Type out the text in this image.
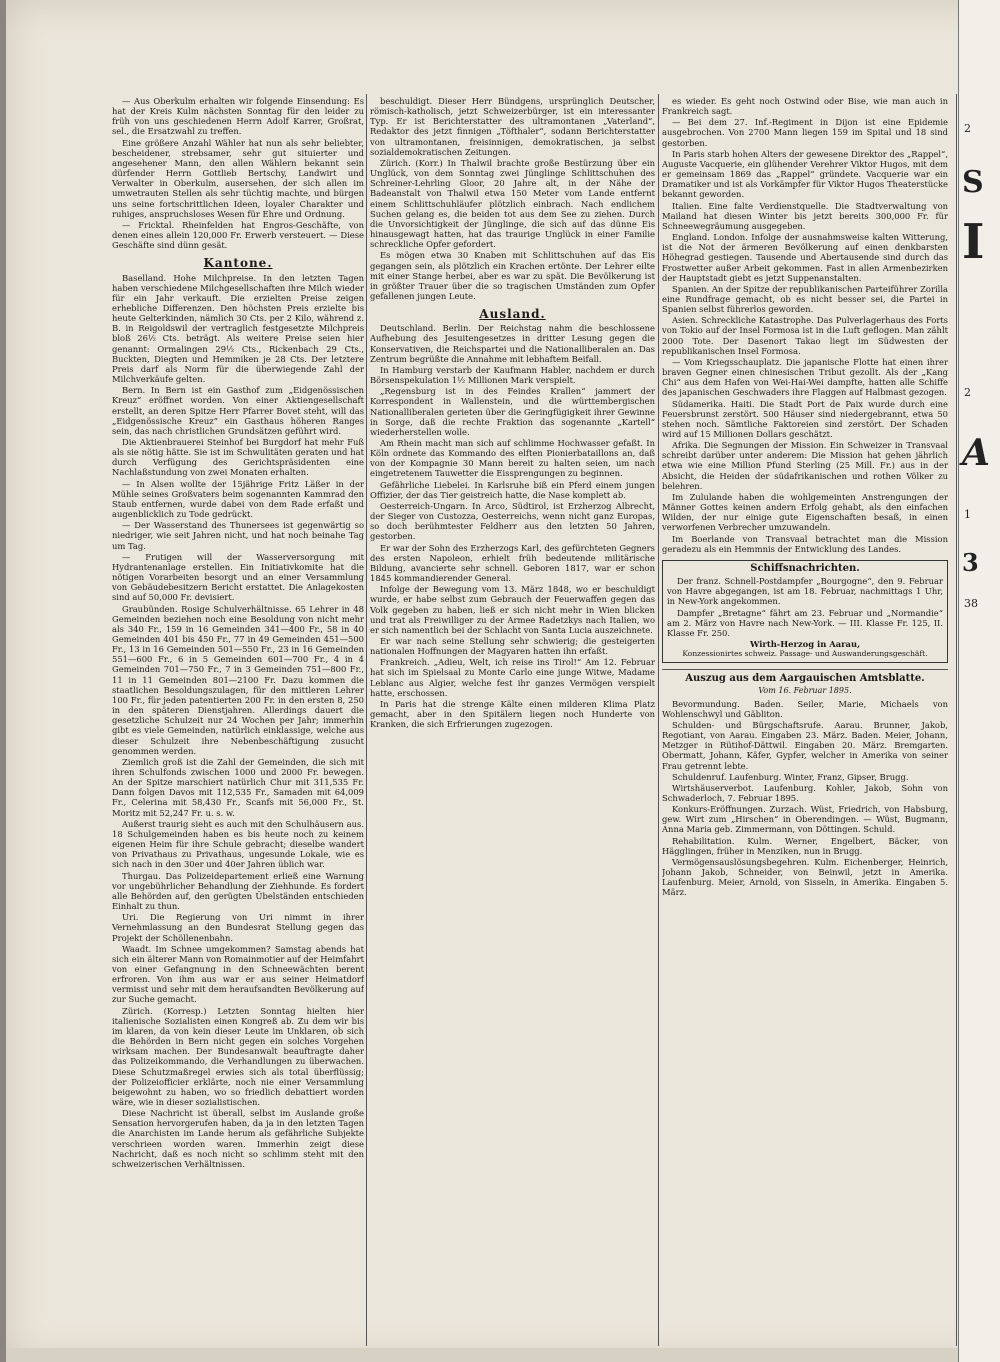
— Aus Oberkulm erhalten wir folgende Einsendung: Es hat der Kreis Kulm nächsten Sonntag für den leider zu früh von uns geschiedenen Herrn Adolf Karrer, Großrat, sel., die Ersatzwahl zu treffen.

Eine größere Anzahl Wähler hat nun als sehr beliebter, bescheidener, strebsamer, sehr gut situierter und angesehener Mann, den allen Wählern bekannt sein dürfender Herrn Gottlieb Bertschy, Landwirt und Verwalter in Oberkulm, ausersehen, der sich allen im umwetrauten Stellen als sehr tüchtig machte, und bürgen uns seine fortschrittlichen Ideen, loyaler Charakter und ruhiges, anspruchsloses Wesen für Ehre und Ordnung.

— Fricktal. Rheinfelden hat Engros-Geschäfte, von denen eines allein 120,000 Fr. Erwerb versteuert. — Diese Geschäfte sind dünn gesät.

Kantone.

Baselland. Hohe Milchpreise. In den letzten Tagen haben verschiedene Milchgesellschaften ihre Milch wieder für ein Jahr verkauft. Die erzielten Preise zeigen erhebliche Differenzen. Den höchsten Preis erzielte bis heute Gelterkinden, nämlich 30 Cts. per 2 Kilo, während z. B. in Reigoldswil der vertraglich festgesetzte Milchpreis bloß 26½ Cts. beträgt. Als weitere Preise seien hier genannt: Ormalingen 29½ Cts., Rickenbach 29 Cts., Buckten, Diegten und Hemmiken je 28 Cts. Der letztere Preis darf als Norm für die überwiegende Zahl der Milchverkäufe gelten.

Bern. In Bern ist ein Gasthof zum „Eidgenössischen Kreuz“ eröffnet worden. Von einer Aktiengesellschaft erstellt, an deren Spitze Herr Pfarrer Bovet steht, will das „Eidgenössische Kreuz“ ein Gasthaus höheren Ranges sein, das nach christlichen Grundsätzen geführt wird.

Die Aktienbrauerei Steinhof bei Burgdorf hat mehr Fuß als sie nötig hätte. Sie ist im Schwulitäten geraten und hat durch Verfügung des Gerichtspräsidenten eine Nachlaßstundung von zwei Monaten erhalten.

— In Alsen wollte der 15jährige Fritz Läßer in der Mühle seines Großvaters beim sogenannten Kammrad den Staub entfernen, wurde dabei von dem Rade erfaßt und augenblicklich zu Tode gedrückt.

— Der Wasserstand des Thunersees ist gegenwärtig so niedriger, wie seit Jahren nicht, und hat noch beinahe Tag um Tag.

— Frutigen will der Wasserversorgung mit Hydrantenanlage erstellen. Ein Initiativkomite hat die nötigen Vorarbeiten besorgt und an einer Versammlung von Gebäudebesitzern Bericht erstattet. Die Anlagekosten sind auf 50,000 Fr. devisiert.

Graubünden. Rosige Schulverhältnisse. 65 Lehrer in 48 Gemeinden beziehen noch eine Besoldung von nicht mehr als 340 Fr., 159 in 16 Gemeinden 341—400 Fr., 58 in 40 Gemeinden 401 bis 450 Fr., 77 in 49 Gemeinden 451—500 Fr., 13 in 16 Gemeinden 501—550 Fr., 23 in 16 Gemeinden 551—600 Fr., 6 in 5 Gemeinden 601—700 Fr., 4 in 4 Gemeinden 701—750 Fr., 7 in 3 Gemeinden 751—800 Fr., 11 in 11 Gemeinden 801—2100 Fr. Dazu kommen die staatlichen Besoldungszulagen, für den mittleren Lehrer 100 Fr., für jeden patentierten 200 Fr. in den ersten 8, 250 in den späteren Dienstjahren. Allerdings dauert die gesetzliche Schulzeit nur 24 Wochen per Jahr; immerhin gibt es viele Gemeinden, natürlich einklassige, welche aus dieser Schulzeit ihre Nebenbeschäftigung zusucht genommen werden.

Ziemlich groß ist die Zahl der Gemeinden, die sich mit ihren Schulfonds zwischen 1000 und 2000 Fr. bewegen. An der Spitze marschiert natürlich Chur mit 311,535 Fr. Dann folgen Davos mit 112,535 Fr., Samaden mit 64,009 Fr., Celerina mit 58,430 Fr., Scanfs mit 56,000 Fr., St. Moritz mit 52,247 Fr. u. s. w.

Außerst traurig sieht es auch mit den Schulhäusern aus. 18 Schulgemeinden haben es bis heute noch zu keinem eigenen Heim für ihre Schule gebracht; dieselbe wandert von Privathaus zu Privathaus, ungesunde Lokale, wie es sich nach in den 30er und 40er Jahren üblich war.

Thurgau. Das Polizeidepartement erließ eine Warnung vor ungebührlicher Behandlung der Ziehhunde. Es fordert alle Behörden auf, den gerügten Übelständen entschieden Einhalt zu thun.

Uri. Die Regierung von Uri nimmt in ihrer Vernehmlassung an den Bundesrat Stellung gegen das Projekt der Schöllenenbahn.

Waadt. Im Schnee umgekommen? Samstag abends hat sich ein älterer Mann von Romainmotier auf der Heimfahrt von einer Gefangnung in den Schneewächten berent erfroren. Von ihm aus war er aus seiner Heimatdorf vermisst und sehr mit dem heraufsandten Bevölkerung auf zur Suche gemacht.

Zürich. (Korresp.) Letzten Sonntag hielten hier italienische Sozialisten einen Kongreß ab. Zu dem wir bis im klaren, da von kein dieser Leute im Unklaren, ob sich die Behörden in Bern nicht gegen ein solches Vorgehen wirksam machen. Der Bundesanwalt beauftragte daher das Polizeikommando, die Verhandlungen zu überwachen. Diese Schutzmaßregel erwies sich als total überflüssig; der Polizeiofficier erklärte, noch nie einer Versammlung beigewohnt zu haben, wo so friedlich debattiert worden wäre, wie in dieser sozialistischen.

Diese Nachricht ist überall, selbst im Auslande große Sensation hervorgerufen haben, da ja in den letzten Tagen die Anarchisten im Lande herum als gefährliche Subjekte verschrieen worden waren. Immerhin zeigt diese Nachricht, daß es noch nicht so schlimm steht mit den schweizerischen Verhältnissen.

beschuldigt. Dieser Herr Bündgens, ursprünglich Deutscher, römisch-katholisch, jetzt Schweizerbürger, ist ein interessanter Typ. Er ist Berichterstatter des ultramontanen „Vaterland“, Redaktor des jetzt finnigen „Töfthaler“, sodann Berichterstatter von ultramontanen, freisinnigen, demokratischen, ja selbst sozialdemokratischen Zeitungen.

Zürich. (Korr.) In Thalwil brachte große Bestürzung über ein Unglück, von dem Sonntag zwei Jünglinge Schlittschuhen des Schreiner-Lehrling Gloor, 20 Jahre alt, in der Nähe der Badeanstalt von Thalwil etwa 150 Meter vom Lande entfernt einem Schlittschuhläufer plötzlich einbrach. Nach endlichem Suchen gelang es, die beiden tot aus dem See zu ziehen. Durch die Unvorsichtigkeit der Jünglinge, die sich auf das dünne Eis hinausgewagt hatten, hat das traurige Unglück in einer Familie schreckliche Opfer gefordert.

Es mögen etwa 30 Knaben mit Schlittschuhen auf das Eis gegangen sein, als plötzlich ein Krachen ertönte. Der Lehrer eilte mit einer Stange herbei, aber es war zu spät. Die Bevölkerung ist in größter Trauer über die so tragischen Umständen zum Opfer gefallenen jungen Leute.

Ausland.

Deutschland. Berlin. Der Reichstag nahm die beschlossene Aufhebung des Jesuitengesetzes in dritter Lesung gegen die Konservativen, die Reichspartei und die Nationalliberalen an. Das Zentrum begrüßte die Annahme mit lebhaftem Beifall.

In Hamburg verstarb der Kaufmann Habler, nachdem er durch Börsenspekulation 1½ Millionen Mark verspielt.

„Regensburg ist in des Feindes Krallen“ jammert der Korrespondent in Wallenstein, und die württembergischen Nationalliberalen gerieten über die Geringfügigkeit ihrer Gewinne in Sorge, daß die rechte Fraktion das sogenannte „Kartell“ wiederherstellen wolle.

Am Rhein macht man sich auf schlimme Hochwasser gefaßt. In Köln ordnete das Kommando des elften Pionierbataillons an, daß von der Kompagnie 30 Mann bereit zu halten seien, um nach eingetretenem Tauwetter die Eissprengungen zu beginnen.

Gefährliche Liebelei. In Karlsruhe biß ein Pferd einem jungen Offizier, der das Tier geistreich hatte, die Nase komplett ab.

Oesterreich-Ungarn. In Arco, Südtirol, ist Erzherzog Albrecht, der Sieger von Custozza, Oesterreichs, wenn nicht ganz Europas, so doch berühmtester Feldherr aus den letzten 50 Jahren, gestorben.

Er war der Sohn des Erzherzogs Karl, des gefürchteten Gegners des ersten Napoleon, erhielt früh bedeutende militärische Bildung, avancierte sehr schnell. Geboren 1817, war er schon 1845 kommandierender General.

Infolge der Bewegung vom 13. März 1848, wo er beschuldigt wurde, er habe selbst zum Gebrauch der Feuerwaffen gegen das Volk gegeben zu haben, ließ er sich nicht mehr in Wien blicken und trat als Freiwilliger zu der Armee Radetzkys nach Italien, wo er sich namentlich bei der Schlacht von Santa Lucia auszeichnete.

Er war nach seine Stellung sehr schwierig; die gesteigerten nationalen Hoffnungen der Magyaren hatten ihn erfaßt.

Frankreich. „Adieu, Welt, ich reise ins Tirol!“ Am 12. Februar hat sich im Spielsaal zu Monte Carlo eine junge Witwe, Madame Leblanc aus Algier, welche fest ihr ganzes Vermögen verspielt hatte, erschossen.

In Paris hat die strenge Kälte einen milderen Klima Platz gemacht, aber in den Spitälern liegen noch Hunderte von Kranken, die sich Erfrierungen zugezogen.

es wieder. Es geht noch Ostwind oder Bise, wie man auch in Frankreich sagt.

— Bei dem 27. Inf.-Regiment in Dijon ist eine Epidemie ausgebrochen. Von 2700 Mann liegen 159 im Spital und 18 sind gestorben.

In Paris starb hohen Alters der gewesene Direktor des „Rappel“, Auguste Vacquerie, ein glühender Verehrer Viktor Hugos, mit dem er gemeinsam 1869 das „Rappel“ gründete. Vacquerie war ein Dramatiker und ist als Vorkämpfer für Viktor Hugos Theaterstücke bekannt geworden.

Italien. Eine falte Verdienstquelle. Die Stadtverwaltung von Mailand hat diesen Winter bis jetzt bereits 300,000 Fr. für Schneewegräumung ausgegeben.

England. London. Infolge der ausnahmsweise kalten Witterung, ist die Not der ärmeren Bevölkerung auf einen denkbarsten Höhegrad gestiegen. Tausende und Abertausende sind durch das Frostwetter außer Arbeit gekommen. Fast in allen Armenbezirken der Hauptstadt giebt es jetzt Suppenanstalten.

Spanien. An der Spitze der republikanischen Parteiführer Zorilla eine Rundfrage gemacht, ob es nicht besser sei, die Partei in Spanien selbst führerlos geworden.

Asien. Schreckliche Katastrophe. Das Pulverlagerhaus des Forts von Tokio auf der Insel Formosa ist in die Luft geflogen. Man zählt 2000 Tote. Der Dasenort Takao liegt im Südwesten der republikanischen Insel Formosa.

— Vom Kriegsschauplatz. Die japanische Flotte hat einen ihrer braven Gegner einen chinesischen Tribut gezollt. Als der „Kang Chi“ aus dem Hafen von Wei-Hai-Wei dampfte, hatten alle Schiffe des japanischen Geschwaders ihre Flaggen auf Halbmast gezogen.

Südamerika. Haiti. Die Stadt Port de Paix wurde durch eine Feuersbrunst zerstört. 500 Häuser sind niedergebrannt, etwa 50 stehen noch. Sämtliche Faktoreien sind zerstört. Der Schaden wird auf 15 Millionen Dollars geschätzt.

Afrika. Die Segnungen der Mission. Ein Schweizer in Transvaal schreibt darüber unter anderem: Die Mission hat gehen jährlich etwa wie eine Million Pfund Sterling (25 Mill. Fr.) aus in der Absicht, die Heiden der südafrikanischen und rothen Völker zu belehren.

Im Zululande haben die wohlgemeinten Anstrengungen der Männer Gottes keinen andern Erfolg gehabt, als den einfachen Wilden, der nur einige gute Eigenschaften besaß, in einen verworfenen Verbrecher umzuwandeln.

Im Boerlande von Transvaal betrachtet man die Mission geradezu als ein Hemmnis der Entwicklung des Landes.

Schiffsnachrichten.

Der franz. Schnell-Postdampfer „Bourgogne“, den 9. Februar von Havre abgegangen, ist am 18. Februar, nachmittags 1 Uhr, in New-York angekommen.

Dampfer „Bretagne“ fährt am 23. Februar und „Normandie“ am 2. März von Havre nach New-York. — III. Klasse Fr. 125, II. Klasse Fr. 250.

Wirth-Herzog in Aarau,
Konzessionirtes schweiz. Passage- und Auswanderungsgeschäft.
Auszug aus dem Aargauischen Amtsblatte.
Vom 16. Februar 1895.

Bevormundung. Baden. Seiler, Marie, Michaels von Wohlenschwyl und Gäbliton.

Schulden- und Bürgschaftsrufe. Aarau. Brunner, Jakob, Regotiant, von Aarau. Eingaben 23. März. Baden. Meier, Johann, Metzger in Rütihof-Dättwil. Eingaben 20. März. Bremgarten. Obermatt, Johann, Käfer, Gypfer, welcher in Amerika von seiner Frau getrennt lebte.

Schuldenruf. Laufenburg. Winter, Franz, Gipser, Brugg.

Wirtshäuserverbot. Laufenburg. Kohler, Jakob, Sohn von Schwaderloch, 7. Februar 1895.

Konkurs-Eröffnungen. Zurzach. Wüst, Friedrich, von Habsburg, gew. Wirt zum „Hirschen“ in Oberendingen. — Wüst, Bugmann, Anna Maria geb. Zimmermann, von Döttingen. Schuld.

Rehabilitation. Kulm. Werner, Engelbert, Bäcker, von Hägglingen, früher in Menziken, nun in Brugg.

Vermögensauslösungsbegehren. Kulm. Eichenberger, Heinrich, Johann Jakob, Schneider, von Beinwil, jetzt in Amerika. Laufenburg. Meier, Arnold, von Sisseln, in Amerika. Eingaben 5. März.

2
S
I
2
A
1
3
38
